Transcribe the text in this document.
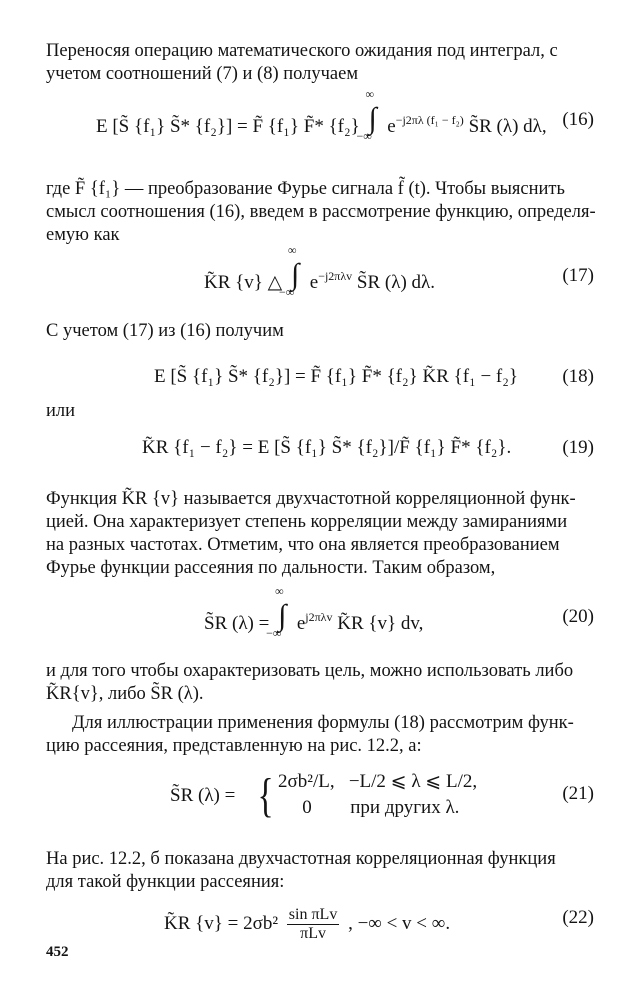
Переносяя операцию математического ожидания под интеграл, с
учетом соотношений (7) и (8) получаем
E [S̃ {f₁} S̃* {f₂}] = F̃ {f₁} F̃* {f₂}
∞
∫
−∞ $e^{-j2\pi\lambda (f_1 - f_2)}$ S̃R (λ) dλ, (16)
где F̃ {f₁} — преобразование Фурье сигнала f̃ (t). Чтобы выяснить
смысл соотношения (16), введем в рассмотрение функцию, определя-
емую как
K̃R {v} △
∞
∫
−∞ $e^{-j2\pi\lambda v}$ S̃R (λ) dλ.	(17)
С учетом (17) из (16) получим
E [S̃ {f₁} S̃* {f₂}] = F̃ {f₁} F̃* {f₂} K̃R {f₁ − f₂} (18)
или
K̃R {f₁ − f₂} = E [S̃ {f₁} S̃* {f₂}]/F̃ {f₁} F̃* {f₂}.	(19)
Функция K̃R {v} называется двухчастотной корреляционной функ-
цией. Она характеризует степень корреляции между замираниями
на разных частотах. Отметим, что она является преобразованием
Фурье функции рассеяния по дальности. Таким образом,
S̃R (λ) =
∞
∫
−∞ $e^{j2\pi\lambda v}$ K̃R {v} dv,	(20)
и для того чтобы охарактеризовать цель, можно использовать либо
K̃R{v}, либо S̃R (λ).
Для иллюстрации применения формулы (18) рассмотрим функ-
цию рассеяния, представленную на рис. 12.2, а:
S̃R (λ) = { 2σb²/L, −L/2 ⩽ λ ⩽ L/2,
0 при других λ.
(21)
На рис. 12.2, б показана двухчастотная корреляционная функция
для такой функции рассеяния:
K̃R $\{v\} = 2\sigma b^2 \frac{\text{sin πLv}}{\text{πLv}}$ , −∞ < v < ∞.	(22)
452
